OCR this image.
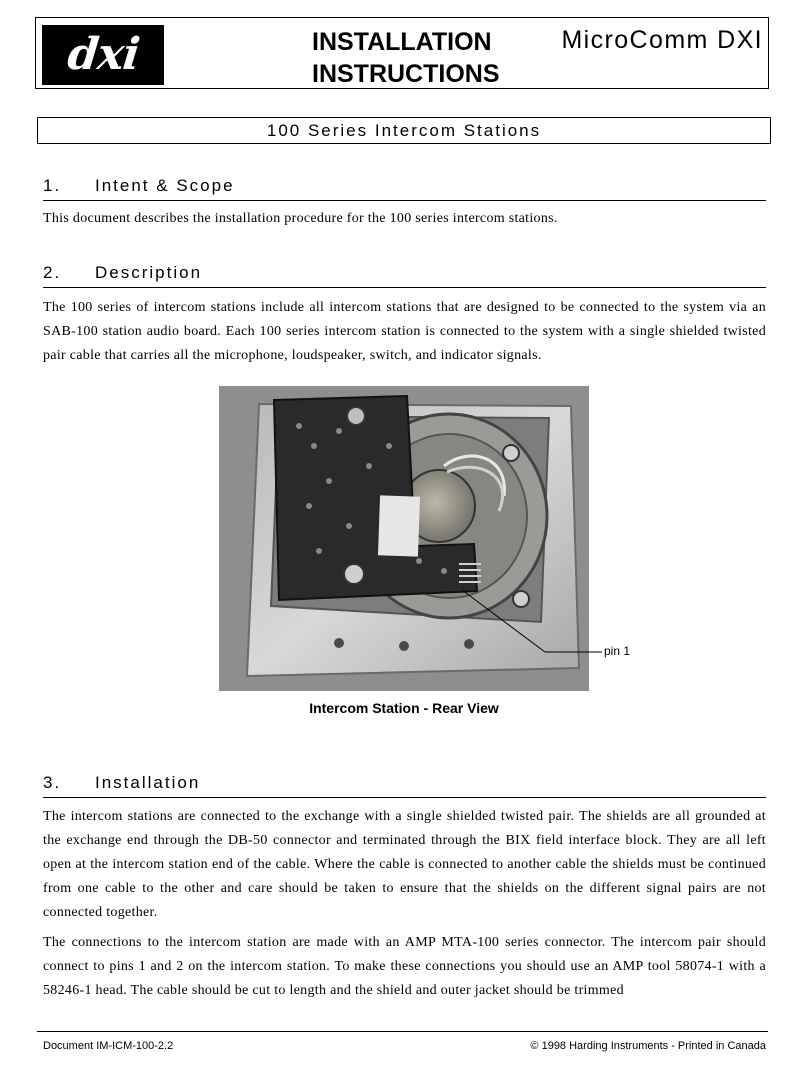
dxi	INSTALLATION
INSTRUCTIONS
MicroComm DXI
100 Series Intercom Stations
1. Intent & Scope
This document describes the installation procedure for the 100 series intercom stations.
2. Description
The 100 series of intercom stations include all intercom stations that are designed to be connected to the system via an SAB-100 station audio board. Each 100 series intercom station is connected to the system with a single shielded twisted pair cable that carries all the microphone, loudspeaker, switch, and indicator signals.
pin 1
Intercom Station - Rear View
3. Installation
The intercom stations are connected to the exchange with a single shielded twisted pair. The shields are all grounded at the exchange end through the DB-50 connector and terminated through the BIX field interface block. They are all left open at the intercom station end of the cable. Where the cable is connected to another cable the shields must be continued from one cable to the other and care should be taken to ensure that the shields on the different signal pairs are not connected together.
The connections to the intercom station are made with an AMP MTA-100 series connector. The intercom pair should connect to pins 1 and 2 on the intercom station. To make these connections you should use an AMP tool 58074-1 with a 58246-1 head. The cable should be cut to length and the shield and outer jacket should be trimmed
Document IM-ICM-100-2.2	© 1998 Harding Instruments - Printed in Canada
